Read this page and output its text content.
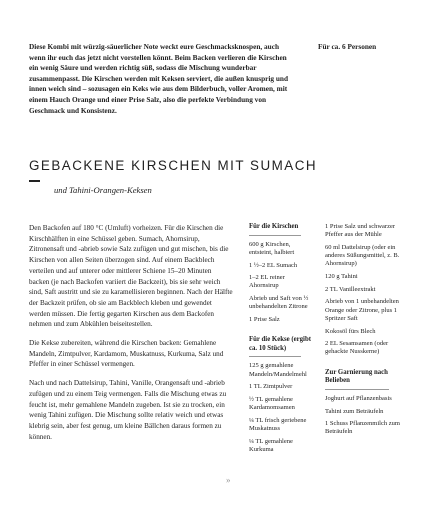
Diese Kombi mit würzig-säuerlicher Note weckt eure Geschmacksknospen, auch wenn ihr euch das jetzt nicht vorstellen könnt. Beim Backen verlieren die Kirschen ein wenig Säure und werden richtig süß, sodass die Mischung wunderbar zusammenpasst. Die Kirschen werden mit Keksen serviert, die außen knusprig und innen weich sind – sozusagen ein Keks wie aus dem Bilderbuch, voller Aromen, mit einem Hauch Orange und einer Prise Salz, also die perfekte Verbindung von Geschmack und Konsistenz.
Für ca. 6 Personen
GEBACKENE KIRSCHEN MIT SUMACH
und Tahini-Orangen-Keksen

Den Backofen auf 180 °C (Umluft) vorheizen. Für die Kirschen die Kirschhälften in eine Schüssel geben. Sumach, Ahornsirup, Zitronensaft und -abrieb sowie Salz zufügen und gut mischen, bis die Kirschen von allen Seiten überzogen sind. Auf einem Backblech verteilen und auf unterer oder mittlerer Schiene 15–20 Minuten backen (je nach Backofen variiert die Backzeit), bis sie sehr weich sind, Saft austritt und sie zu karamellisieren beginnen. Nach der Hälfte der Backzeit prüfen, ob sie am Backblech kleben und gewendet werden müssen. Die fertig gegarten Kirschen aus dem Backofen nehmen und zum Abkühlen beiseitestellen.

Die Kekse zubereiten, während die Kirschen backen: Gemahlene Mandeln, Zimtpulver, Kardamom, Muskatnuss, Kurkuma, Salz und Pfeffer in einer Schüssel vermengen.

Nach und nach Dattelsirup, Tahini, Vanille, Orangensaft und -abrieb zufügen und zu einem Teig vermengen. Falls die Mischung etwas zu feucht ist, mehr gemahlene Mandeln zugeben. Ist sie zu trocken, ein wenig Tahini zufügen. Die Mischung sollte relativ weich und etwas klebrig sein, aber fest genug, um kleine Bällchen daraus formen zu können.

Für die Kirschen
600 g Kirschen, entsteint, halbiert
1 ½–2 EL Sumach
1–2 EL reiner Ahornsirup
Abrieb und Saft von ½ unbehandelten Zitrone
1 Prise Salz
Für die Kekse (ergibt ca. 10 Stück)
125 g gemahlene Mandeln/Mandelmehl
1 TL Zimtpulver
½ TL gemahlene Kardamomsamen
¼ TL frisch geriebene Muskatnuss
¼ TL gemahlene Kurkuma
1 Prise Salz und schwarzer Pfeffer aus der Mühle
60 ml Dattelsirup (oder ein anderes Süßungsmittel, z. B. Ahornsirup)
120 g Tahini
2 TL Vanilleextrakt
Abrieb von 1 unbehandelten Orange oder Zitrone, plus 1 Spritzer Saft
Kokosöl fürs Blech
2 EL Sesamsamen (oder gehackte Nusskerne)
Zur Garnierung nach Belieben
Joghurt auf Pflanzenbasis
Tahini zum Beträufeln
1 Schuss Pflanzenmilch zum Beträufeln
»
